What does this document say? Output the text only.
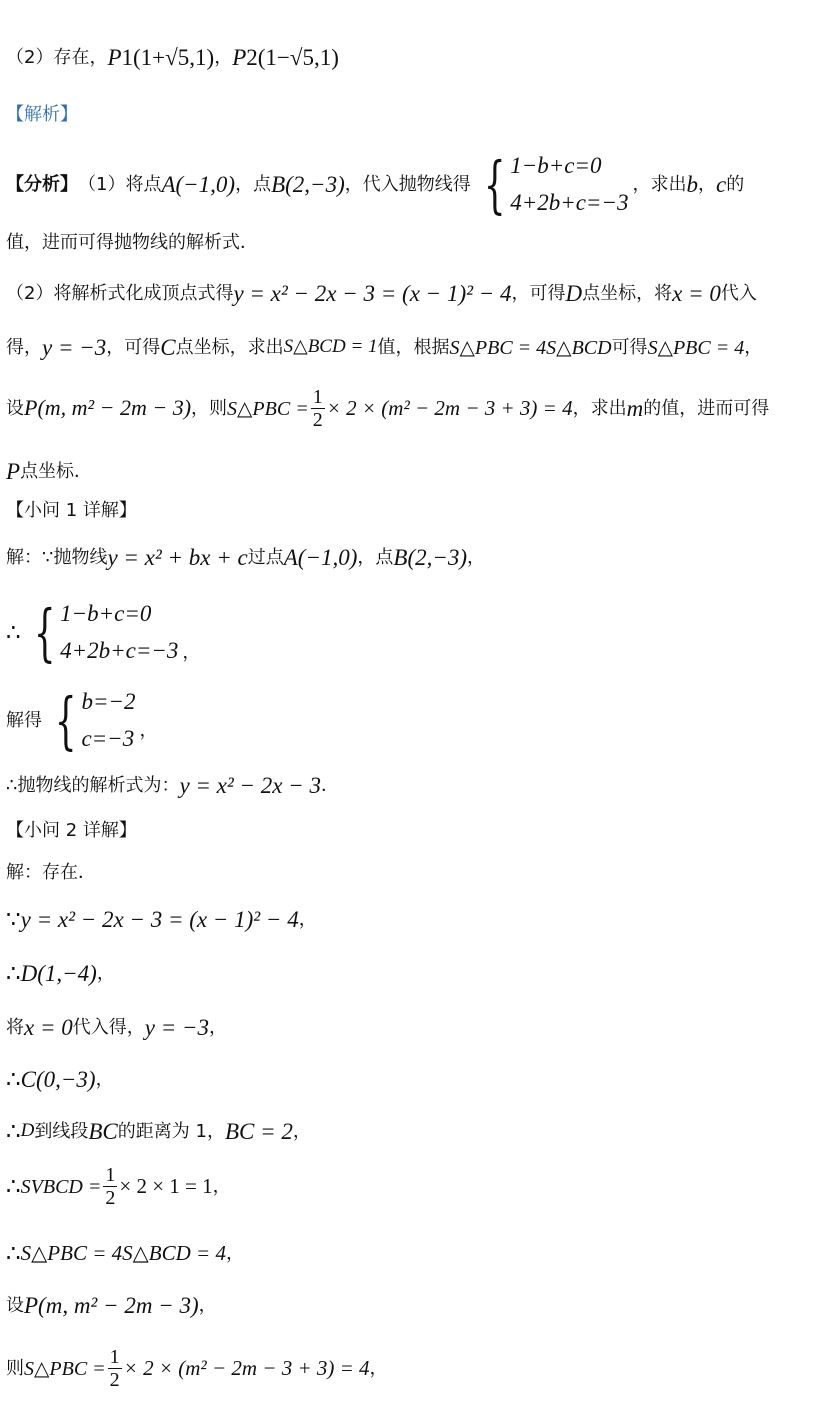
（2）存在， P 1 (1+√5,1) ， P 2 (1−√5,1)
【解析】
【分析】 （1）将点 A(−1,0) ，点 B(2,−3) ，代入抛物线得 { 1−b+c=0
4+2b+c=−3
，求出 b ， c 的
值，进而可得抛物线的解析式．
（2）将解析式化成顶点式得 y = x² − 2x − 3 = (x − 1)² − 4 ，可得 D 点坐标，将 x = 0 代入
得， y = −3 ，可得 C 点坐标，求出 S△BCD = 1 值，根据 S△PBC = 4S△BCD 可得 S△PBC = 4 ，
设 P(m, m² − 2m − 3) ，则 S△PBC = $\frac{1}{2} \times 2 \times (m^2 - 2m - 3 + 3) = 4$ ，求出 m 的值，进而可得
P 点坐标．
【小问 1 详解】
解：∵抛物线 y = x² + bx + c 过点 A(−1,0) ，点 B(2,−3) ，
∴ { 1−b+c=0
4+2b+c=−3 ，
解得 { b=−2
c=−3 ，
∴抛物线的解析式为： y = x² − 2x − 3 ．
【小问 2 详解】
解：存在．
∵ y = x² − 2x − 3 = (x − 1)² − 4 ，
∴ D(1,−4) ，
将 x = 0 代入得， y = −3 ，
∴ C(0,−3) ，
∴ D 到线段 BC 的距离为 1， BC = 2 ，
∴ SVBCD = $\frac{1}{2} \times 2 \times 1 = 1$ ，
∴ S△PBC = 4S△BCD = 4 ，
设 P(m, m² − 2m − 3) ，
则 S△PBC = $\frac{1}{2} \times 2 \times (m^2 - 2m - 3 + 3) = 4$ ，
